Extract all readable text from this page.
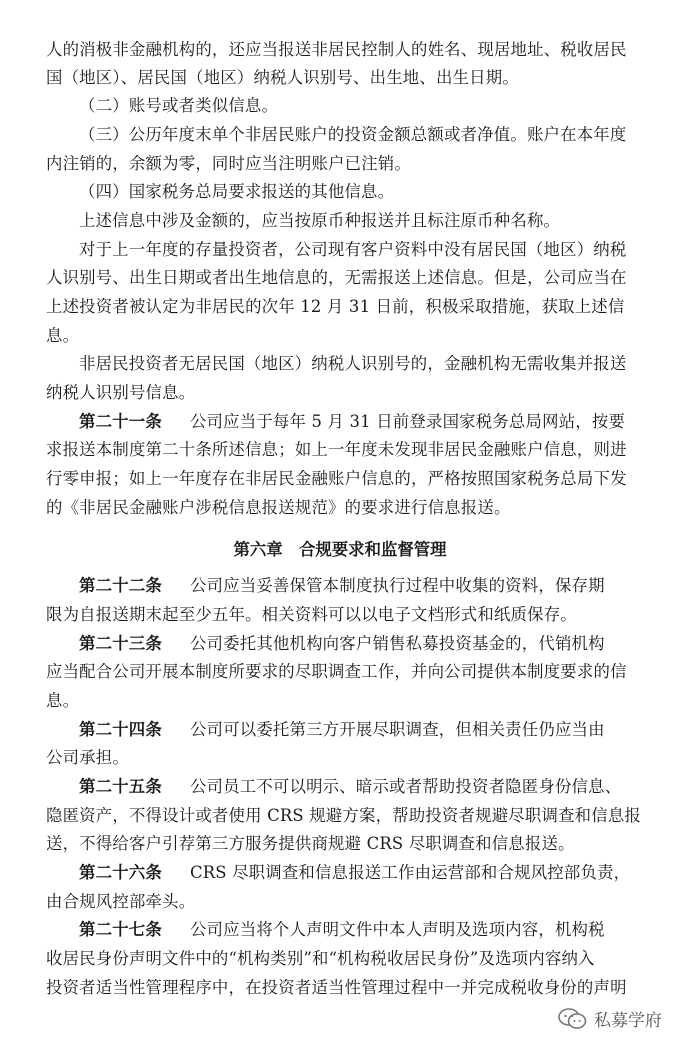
人的消极非金融机构的，还应当报送非居民控制人的姓名、现居地址、税收居民
国（地区）、居民国（地区）纳税人识别号、出生地、出生日期。
（二）账号或者类似信息。
（三）公历年度末单个非居民账户的投资金额总额或者净值。账户在本年度
内注销的，余额为零，同时应当注明账户已注销。
（四）国家税务总局要求报送的其他信息。
上述信息中涉及金额的，应当按原币种报送并且标注原币种名称。
对于上一年度的存量投资者，公司现有客户资料中没有居民国（地区）纳税
人识别号、出生日期或者出生地信息的，无需报送上述信息。但是，公司应当在
上述投资者被认定为非居民的次年 12 月 31 日前，积极采取措施，获取上述信
息。
非居民投资者无居民国（地区）纳税人识别号的，金融机构无需收集并报送
纳税人识别号信息。
第二十一条 公司应当于每年 5 月 31 日前登录国家税务总局网站，按要
求报送本制度第二十条所述信息；如上一年度未发现非居民金融账户信息，则进
行零申报；如上一年度存在非居民金融账户信息的，严格按照国家税务总局下发
的《非居民金融账户涉税信息报送规范》的要求进行信息报送。
第六章　合规要求和监督管理
第二十二条 公司应当妥善保管本制度执行过程中收集的资料，保存期
限为自报送期末起至少五年。相关资料可以以电子文档形式和纸质保存。
第二十三条 公司委托其他机构向客户销售私募投资基金的，代销机构
应当配合公司开展本制度所要求的尽职调查工作，并向公司提供本制度要求的信
息。
第二十四条 公司可以委托第三方开展尽职调查，但相关责任仍应当由
公司承担。
第二十五条 公司员工不可以明示、暗示或者帮助投资者隐匿身份信息、
隐匿资产，不得设计或者使用 CRS 规避方案，帮助投资者规避尽职调查和信息报
送，不得给客户引荐第三方服务提供商规避 CRS 尽职调查和信息报送。
第二十六条 CRS 尽职调查和信息报送工作由运营部和合规风控部负责，
由合规风控部牵头。
第二十七条 公司应当将个人声明文件中本人声明及选项内容，机构税
收居民身份声明文件中的“机构类别”和“机构税收居民身份”及选项内容纳入
投资者适当性管理程序中，在投资者适当性管理过程中一并完成税收身份的声明
私募学府
